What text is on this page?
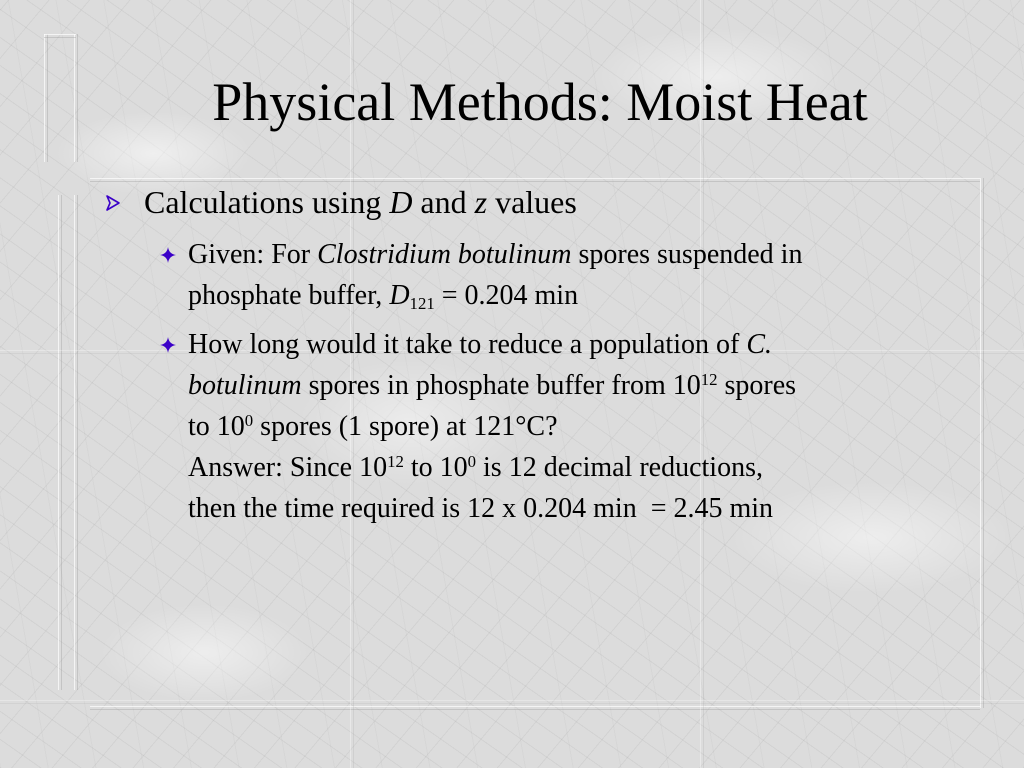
Physical Methods: Moist Heat
Calculations using D and z values
Given: For Clostridium botulinum spores suspended in
phosphate buffer, $D_{121} = 0.204$ min
How long would it take to reduce a population of C.
botulinum spores in phosphate buffer from $10^{12}$ spores
to $10^0$ spores (1 spore) at 121°C?
Answer: Since $10^{12}$ to $10^0$ is 12 decimal reductions,
then the time required is 12 x 0.204 min  = 2.45 min
